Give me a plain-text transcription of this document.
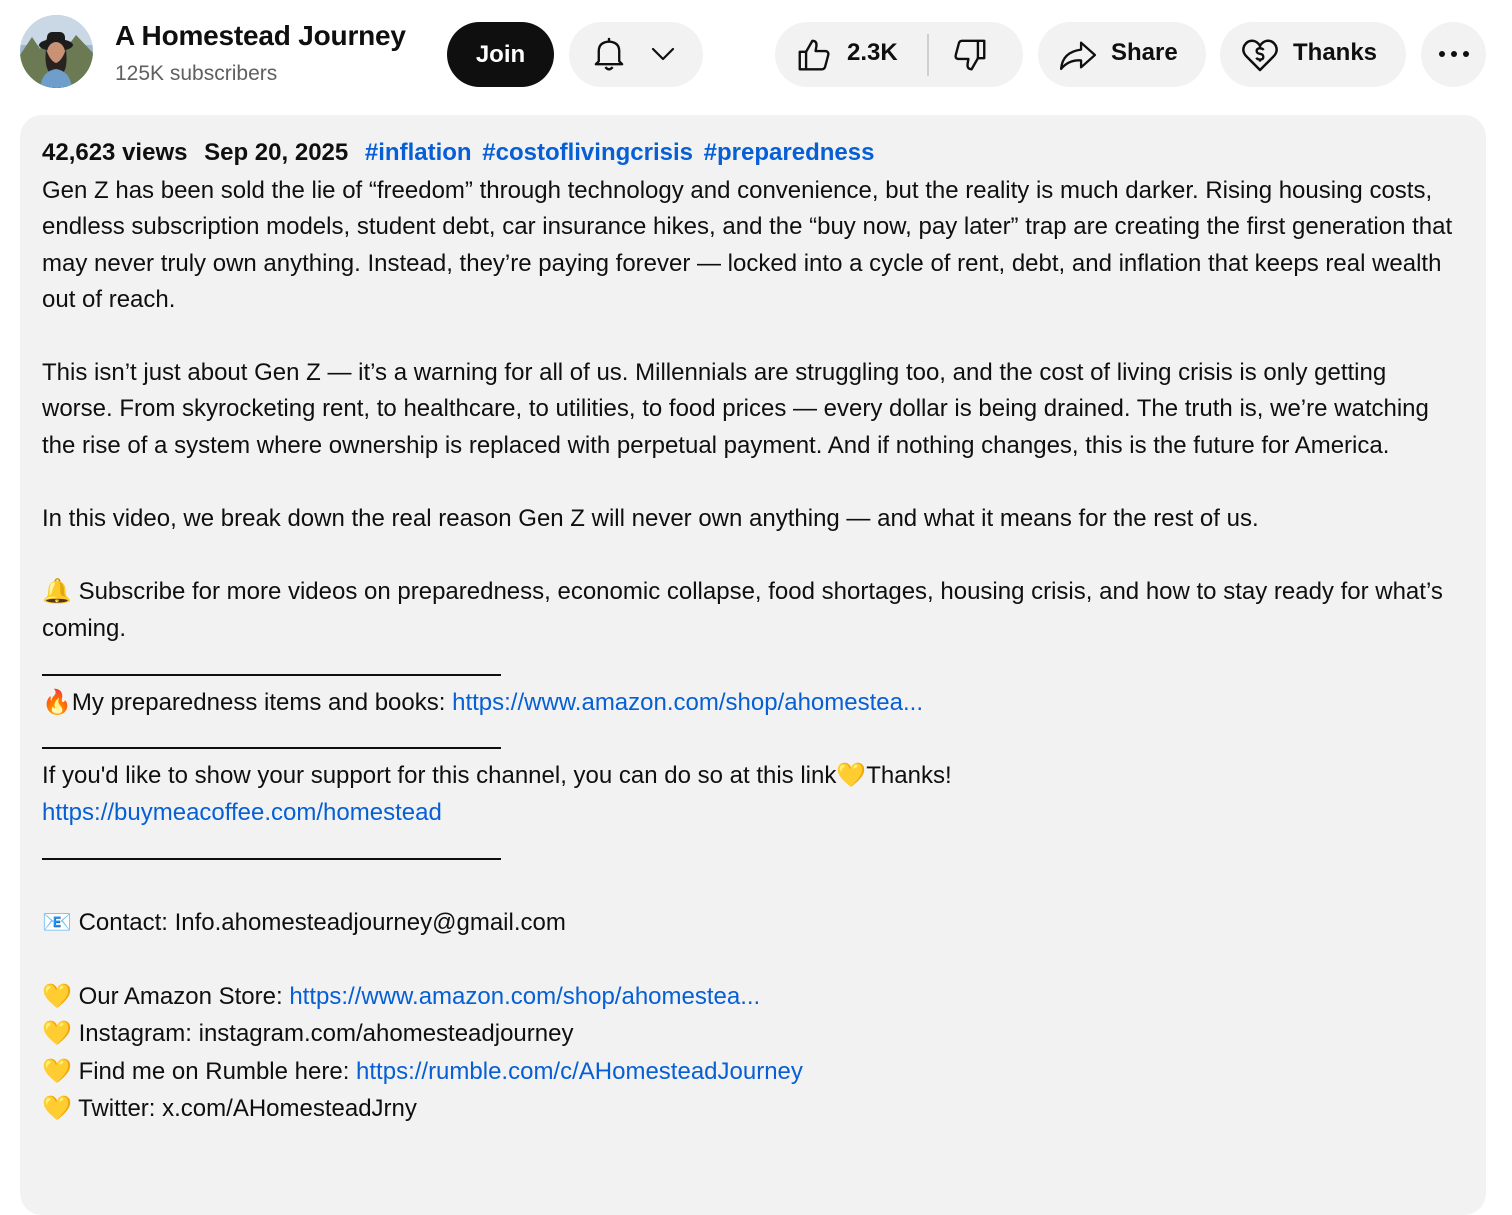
A Homestead Journey
125K subscribers
Join	2.3K	Share	Thanks
42,623 views Sep 20, 2025 #inflation #costoflivingcrisis #preparedness

Gen Z has been sold the lie of “freedom” through technology and convenience, but the reality is much darker. Rising housing costs, endless subscription models, student debt, car insurance hikes, and the “buy now, pay later” trap are creating the first generation that may never truly own anything. Instead, they’re paying forever — locked into a cycle of rent, debt, and inflation that keeps real wealth out of reach.

This isn’t just about Gen Z — it’s a warning for all of us. Millennials are struggling too, and the cost of living crisis is only getting worse. From skyrocketing rent, to healthcare, to utilities, to food prices — every dollar is being drained. The truth is, we’re watching the rise of a system where ownership is replaced with perpetual payment. And if nothing changes, this is the future for America.

In this video, we break down the real reason Gen Z will never own anything — and what it means for the rest of us.

🔔 Subscribe for more videos on preparedness, economic collapse, food shortages, housing crisis, and how to stay ready for what’s coming.

🔥My preparedness items and books: https://www.amazon.com/shop/ahomestea...

If you'd like to show your support for this channel, you can do so at this link💛Thanks!

https://buymeacoffee.com/homestead

📧 Contact: Info.ahomesteadjourney@gmail.com

💛 Our Amazon Store: https://www.amazon.com/shop/ahomestea...

💛 Instagram: instagram.com/ahomesteadjourney

💛 Find me on Rumble here: https://rumble.com/c/AHomesteadJourney

💛 Twitter: x.com/AHomesteadJrny
